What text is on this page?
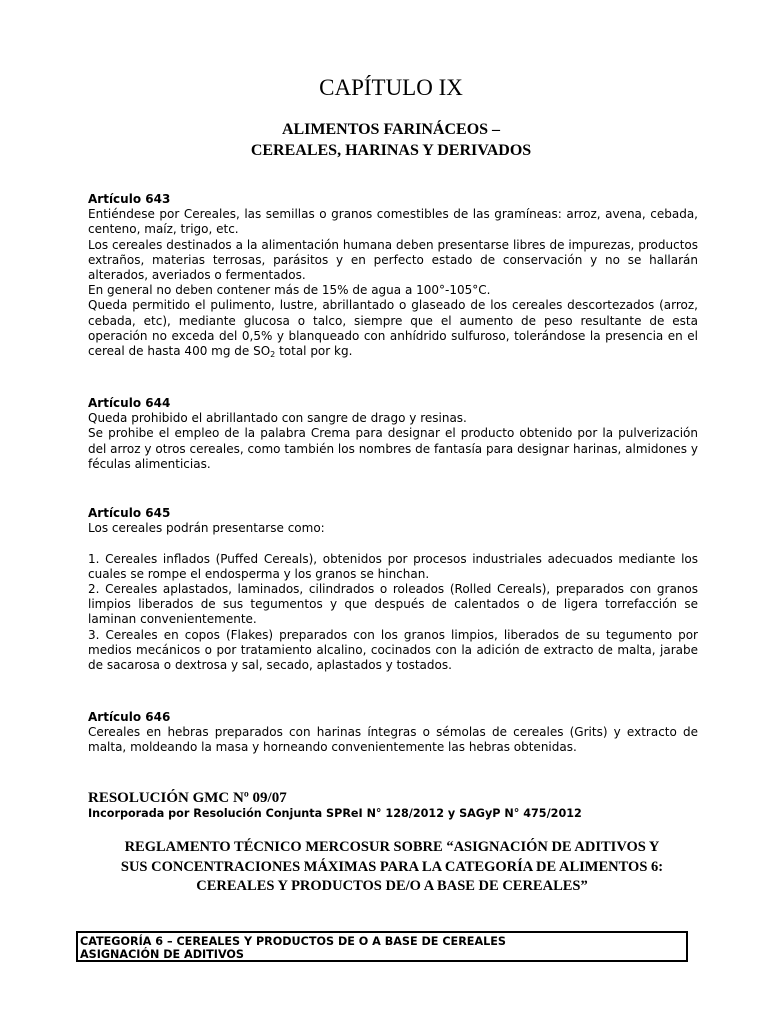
CAPÍTULO IX
ALIMENTOS FARINÁCEOS –
CEREALES, HARINAS Y DERIVADOS

Artículo 643

Entiéndese por Cereales, las semillas o granos comestibles de las gramíneas: arroz, avena, cebada, centeno, maíz, trigo, etc.

Los cereales destinados a la alimentación humana deben presentarse libres de impurezas, productos extraños, materias terrosas, parásitos y en perfecto estado de conservación y no se hallarán alterados, averiados o fermentados.

En general no deben contener más de 15% de agua a 100°-105°C.

Queda permitido el pulimento, lustre, abrillantado o glaseado de los cereales descortezados (arroz, cebada, etc), mediante glucosa o talco, siempre que el aumento de peso resultante de esta operación no exceda del 0,5% y blanqueado con anhídrido sulfuroso, tolerándose la presencia en el cereal de hasta 400 mg de $SO_2$ total por kg.

Artículo 644

Queda prohibido el abrillantado con sangre de drago y resinas.

Se prohibe el empleo de la palabra Crema para designar el producto obtenido por la pulverización del arroz y otros cereales, como también los nombres de fantasía para designar harinas, almidones y féculas alimenticias.

Artículo 645

Los cereales podrán presentarse como:

1. Cereales inflados (Puffed Cereals), obtenidos por procesos industriales adecuados mediante los cuales se rompe el endosperma y los granos se hinchan.

2. Cereales aplastados, laminados, cilindrados o roleados (Rolled Cereals), preparados con granos limpios liberados de sus tegumentos y que después de calentados o de ligera torrefacción se laminan convenientemente.

3. Cereales en copos (Flakes) preparados con los granos limpios, liberados de su tegumento por medios mecánicos o por tratamiento alcalino, cocinados con la adición de extracto de malta, jarabe de sacarosa o dextrosa y sal, secado, aplastados y tostados.

Artículo 646

Cereales en hebras preparados con harinas íntegras o sémolas de cereales (Grits) y extracto de malta, moldeando la masa y horneando convenientemente las hebras obtenidas.

RESOLUCIÓN GMC Nº 09/07
Incorporada por Resolución Conjunta SPReI N° 128/2012 y SAGyP N° 475/2012
REGLAMENTO TÉCNICO MERCOSUR SOBRE “ASIGNACIÓN DE ADITIVOS Y
SUS CONCENTRACIONES MÁXIMAS PARA LA CATEGORÍA DE ALIMENTOS 6:
CEREALES Y PRODUCTOS DE/O A BASE DE CEREALES”
CATEGORÍA 6 – CEREALES Y PRODUCTOS DE O A BASE DE CEREALES
ASIGNACIÓN DE ADITIVOS
